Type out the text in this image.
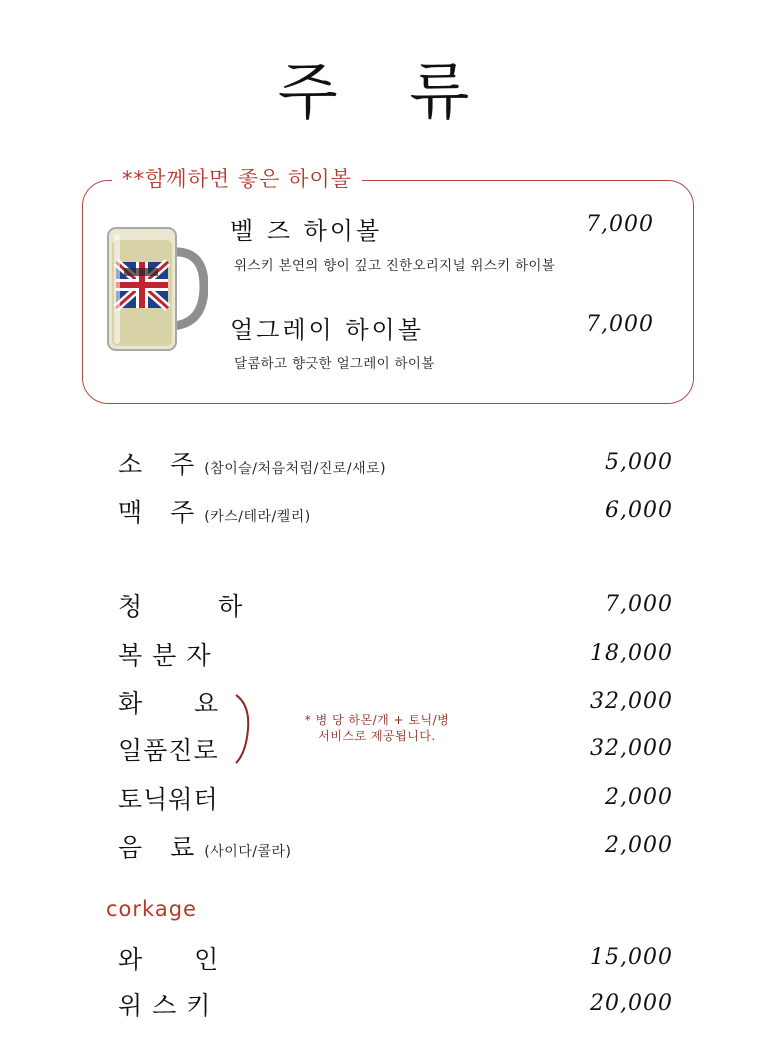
주 류
**함께하면 좋은 하이볼
벨 즈 하이볼	7,000
위스키 본연의 향이 깊고 진한오리지널 위스키 하이볼
얼그레이 하이볼	7,000
달콤하고 향긋한 얼그레이 하이볼
소 주(참이슬/처음처럼/진로/새로)	5,000
맥 주(카스/테라/켈리)	6,000
청 하	7,000
복분자	18,000
화 요	32,000
일품진로	32,000
토닉워터	2,000
음 료(사이다/콜라)	2,000
* 병 당 하몬/개 + 토닉/병
서비스로 제공됩니다.
corkage
와 인	15,000
위스키	20,000
